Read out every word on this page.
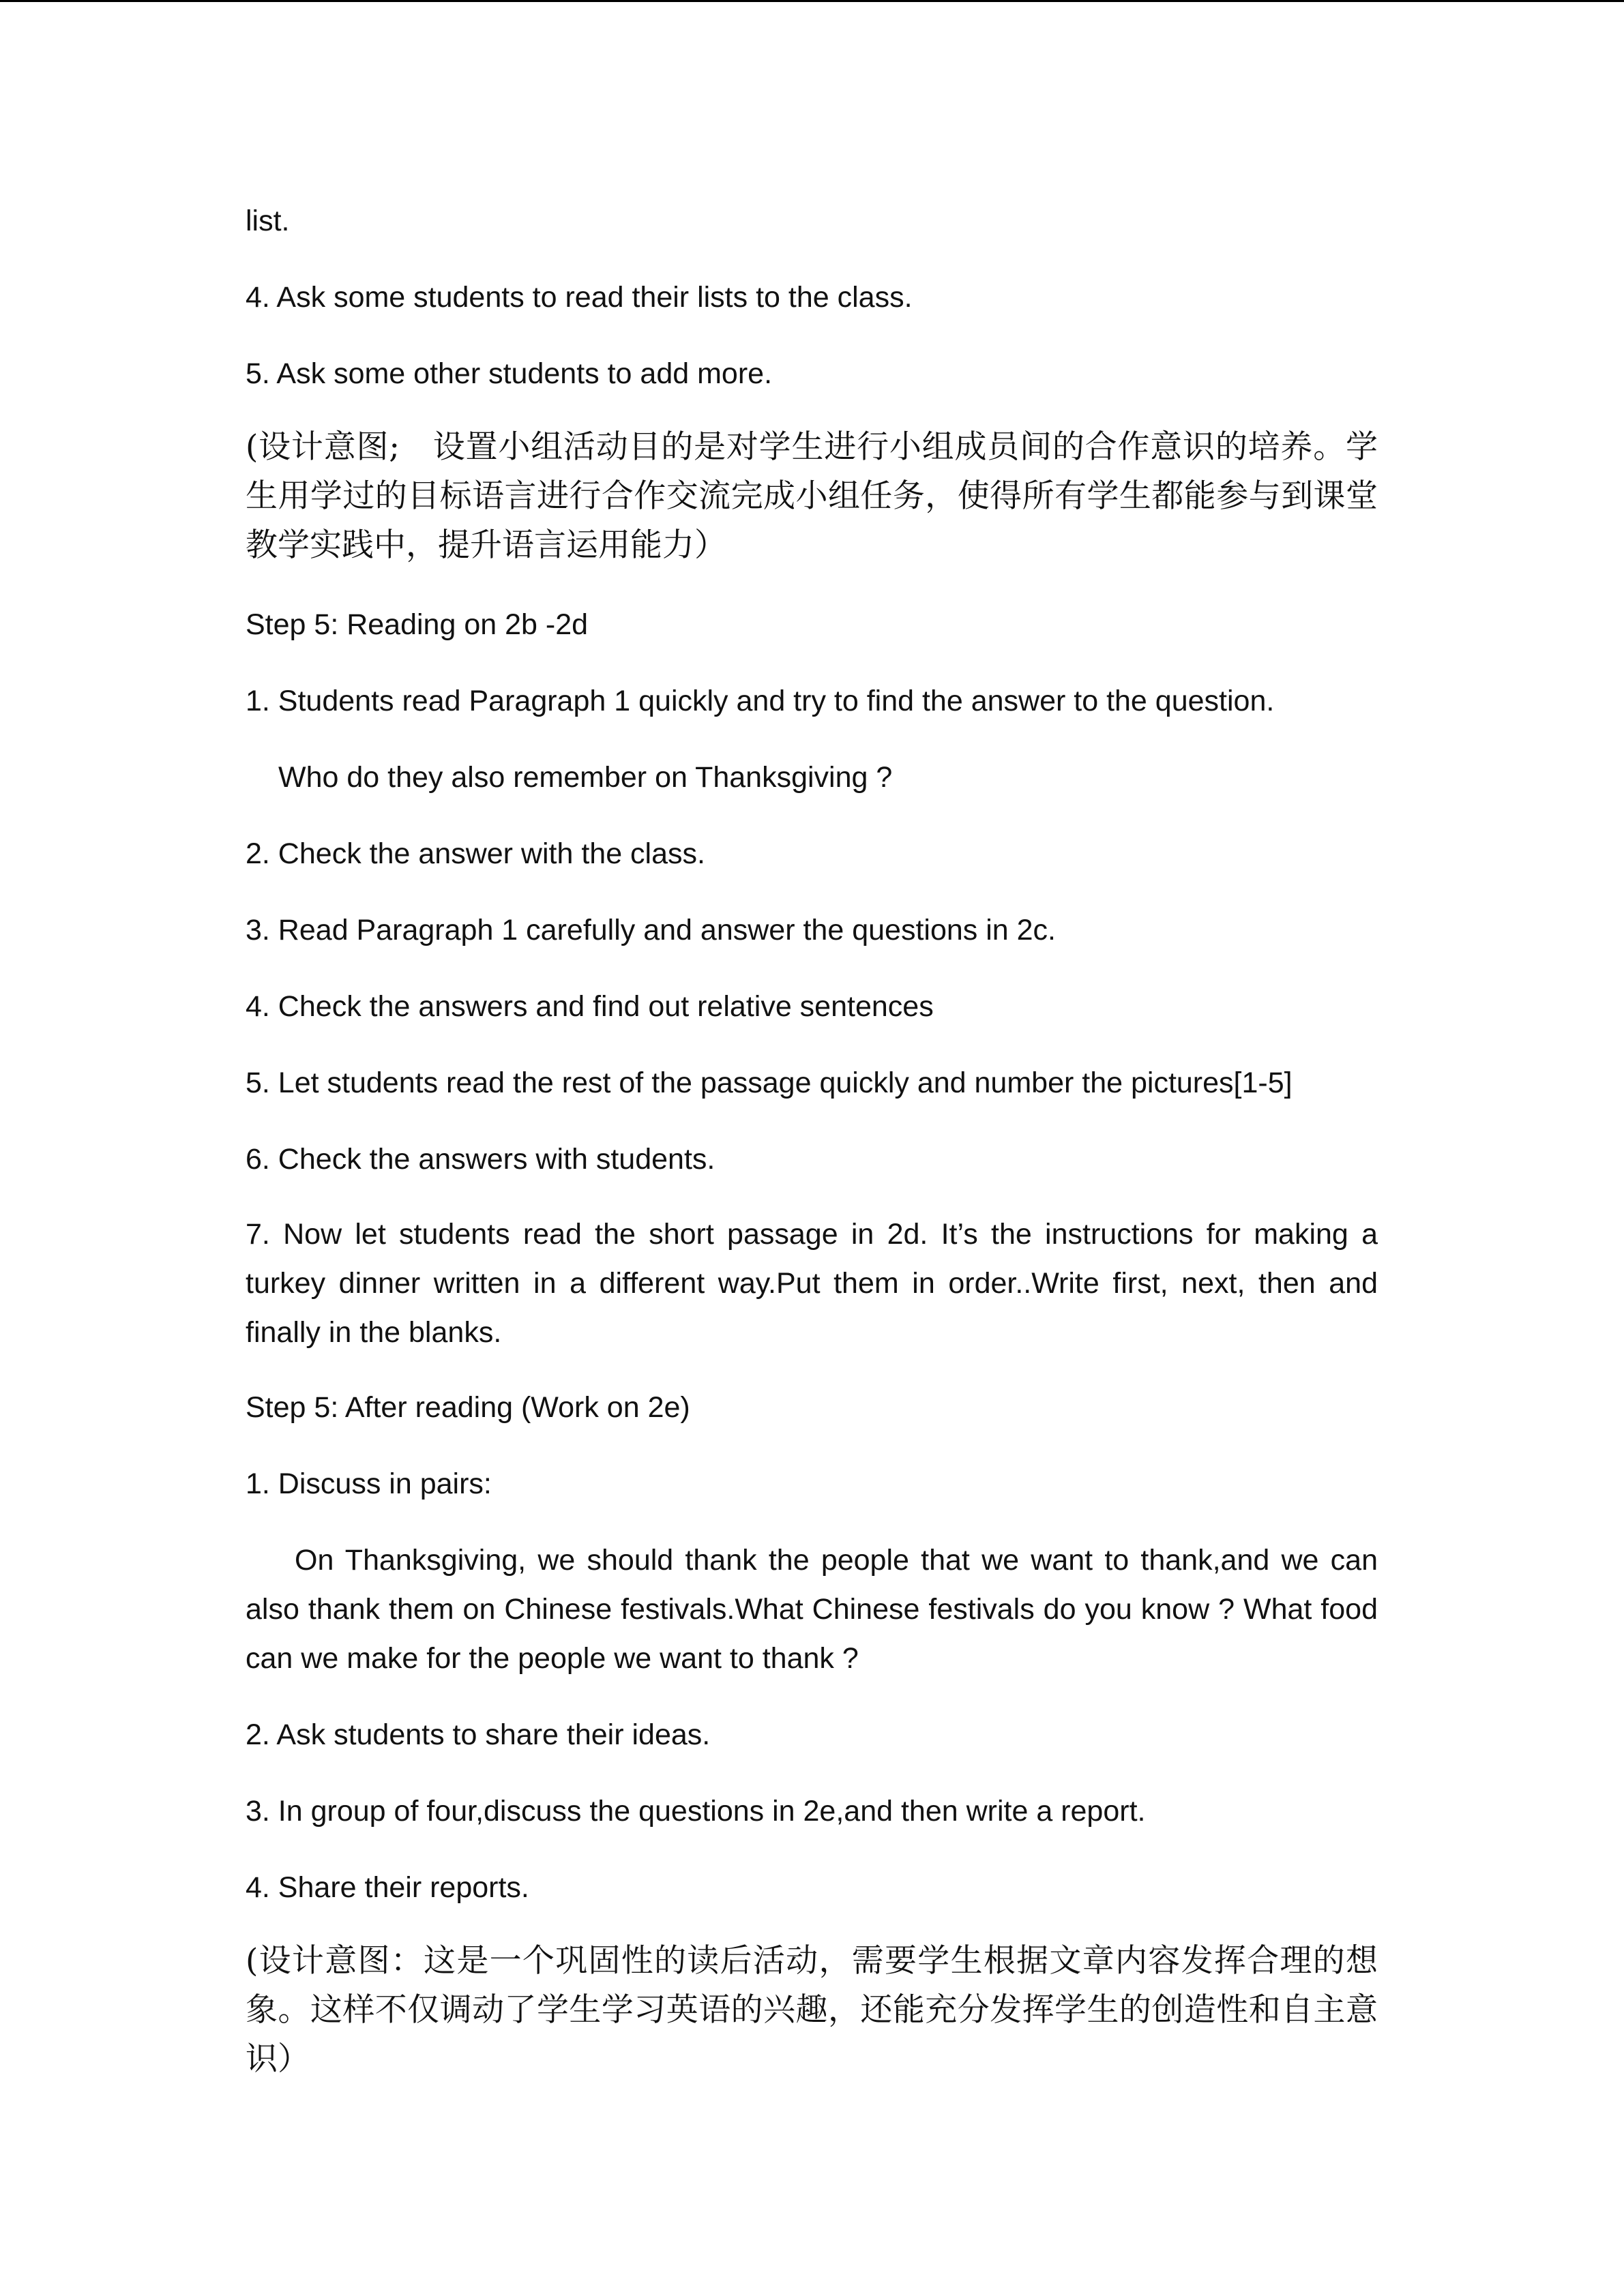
list.
4. Ask some students to read their lists to the class.
5. Ask some other students to add more.
(设计意图;　设置小组活动目的是对学生进行小组成员间的合作意识的培养。学生用学过的目标语言进行合作交流完成小组任务，使得所有学生都能参与到课堂教学实践中，提升语言运用能力）
Step 5: Reading on 2b -2d
1. Students read Paragraph 1 quickly and try to find the answer to the question.
Who do they also remember on Thanksgiving ?
2. Check the answer with the class.
3. Read Paragraph 1 carefully and answer the questions in 2c.
4. Check the answers and find out relative sentences
5. Let students read the rest of the passage quickly and number the pictures[1-5]
6. Check the answers with students.
7. Now let students read the short passage in 2d. It’s the instructions for making a turkey dinner written in a different way.Put them in order..Write first, next, then and finally in the blanks.
Step 5: After reading (Work on 2e)
1. Discuss in pairs:
On Thanksgiving, we should thank the people that we want to thank,and we can also thank them on Chinese festivals.What Chinese festivals do you know ? What food can we make for the people we want to thank ?
2. Ask students to share their ideas.
3. In group of four,discuss the questions in 2e,and then write a report.
4. Share their reports.
(设计意图：这是一个巩固性的读后活动，需要学生根据文章内容发挥合理的想象。这样不仅调动了学生学习英语的兴趣，还能充分发挥学生的创造性和自主意识）
